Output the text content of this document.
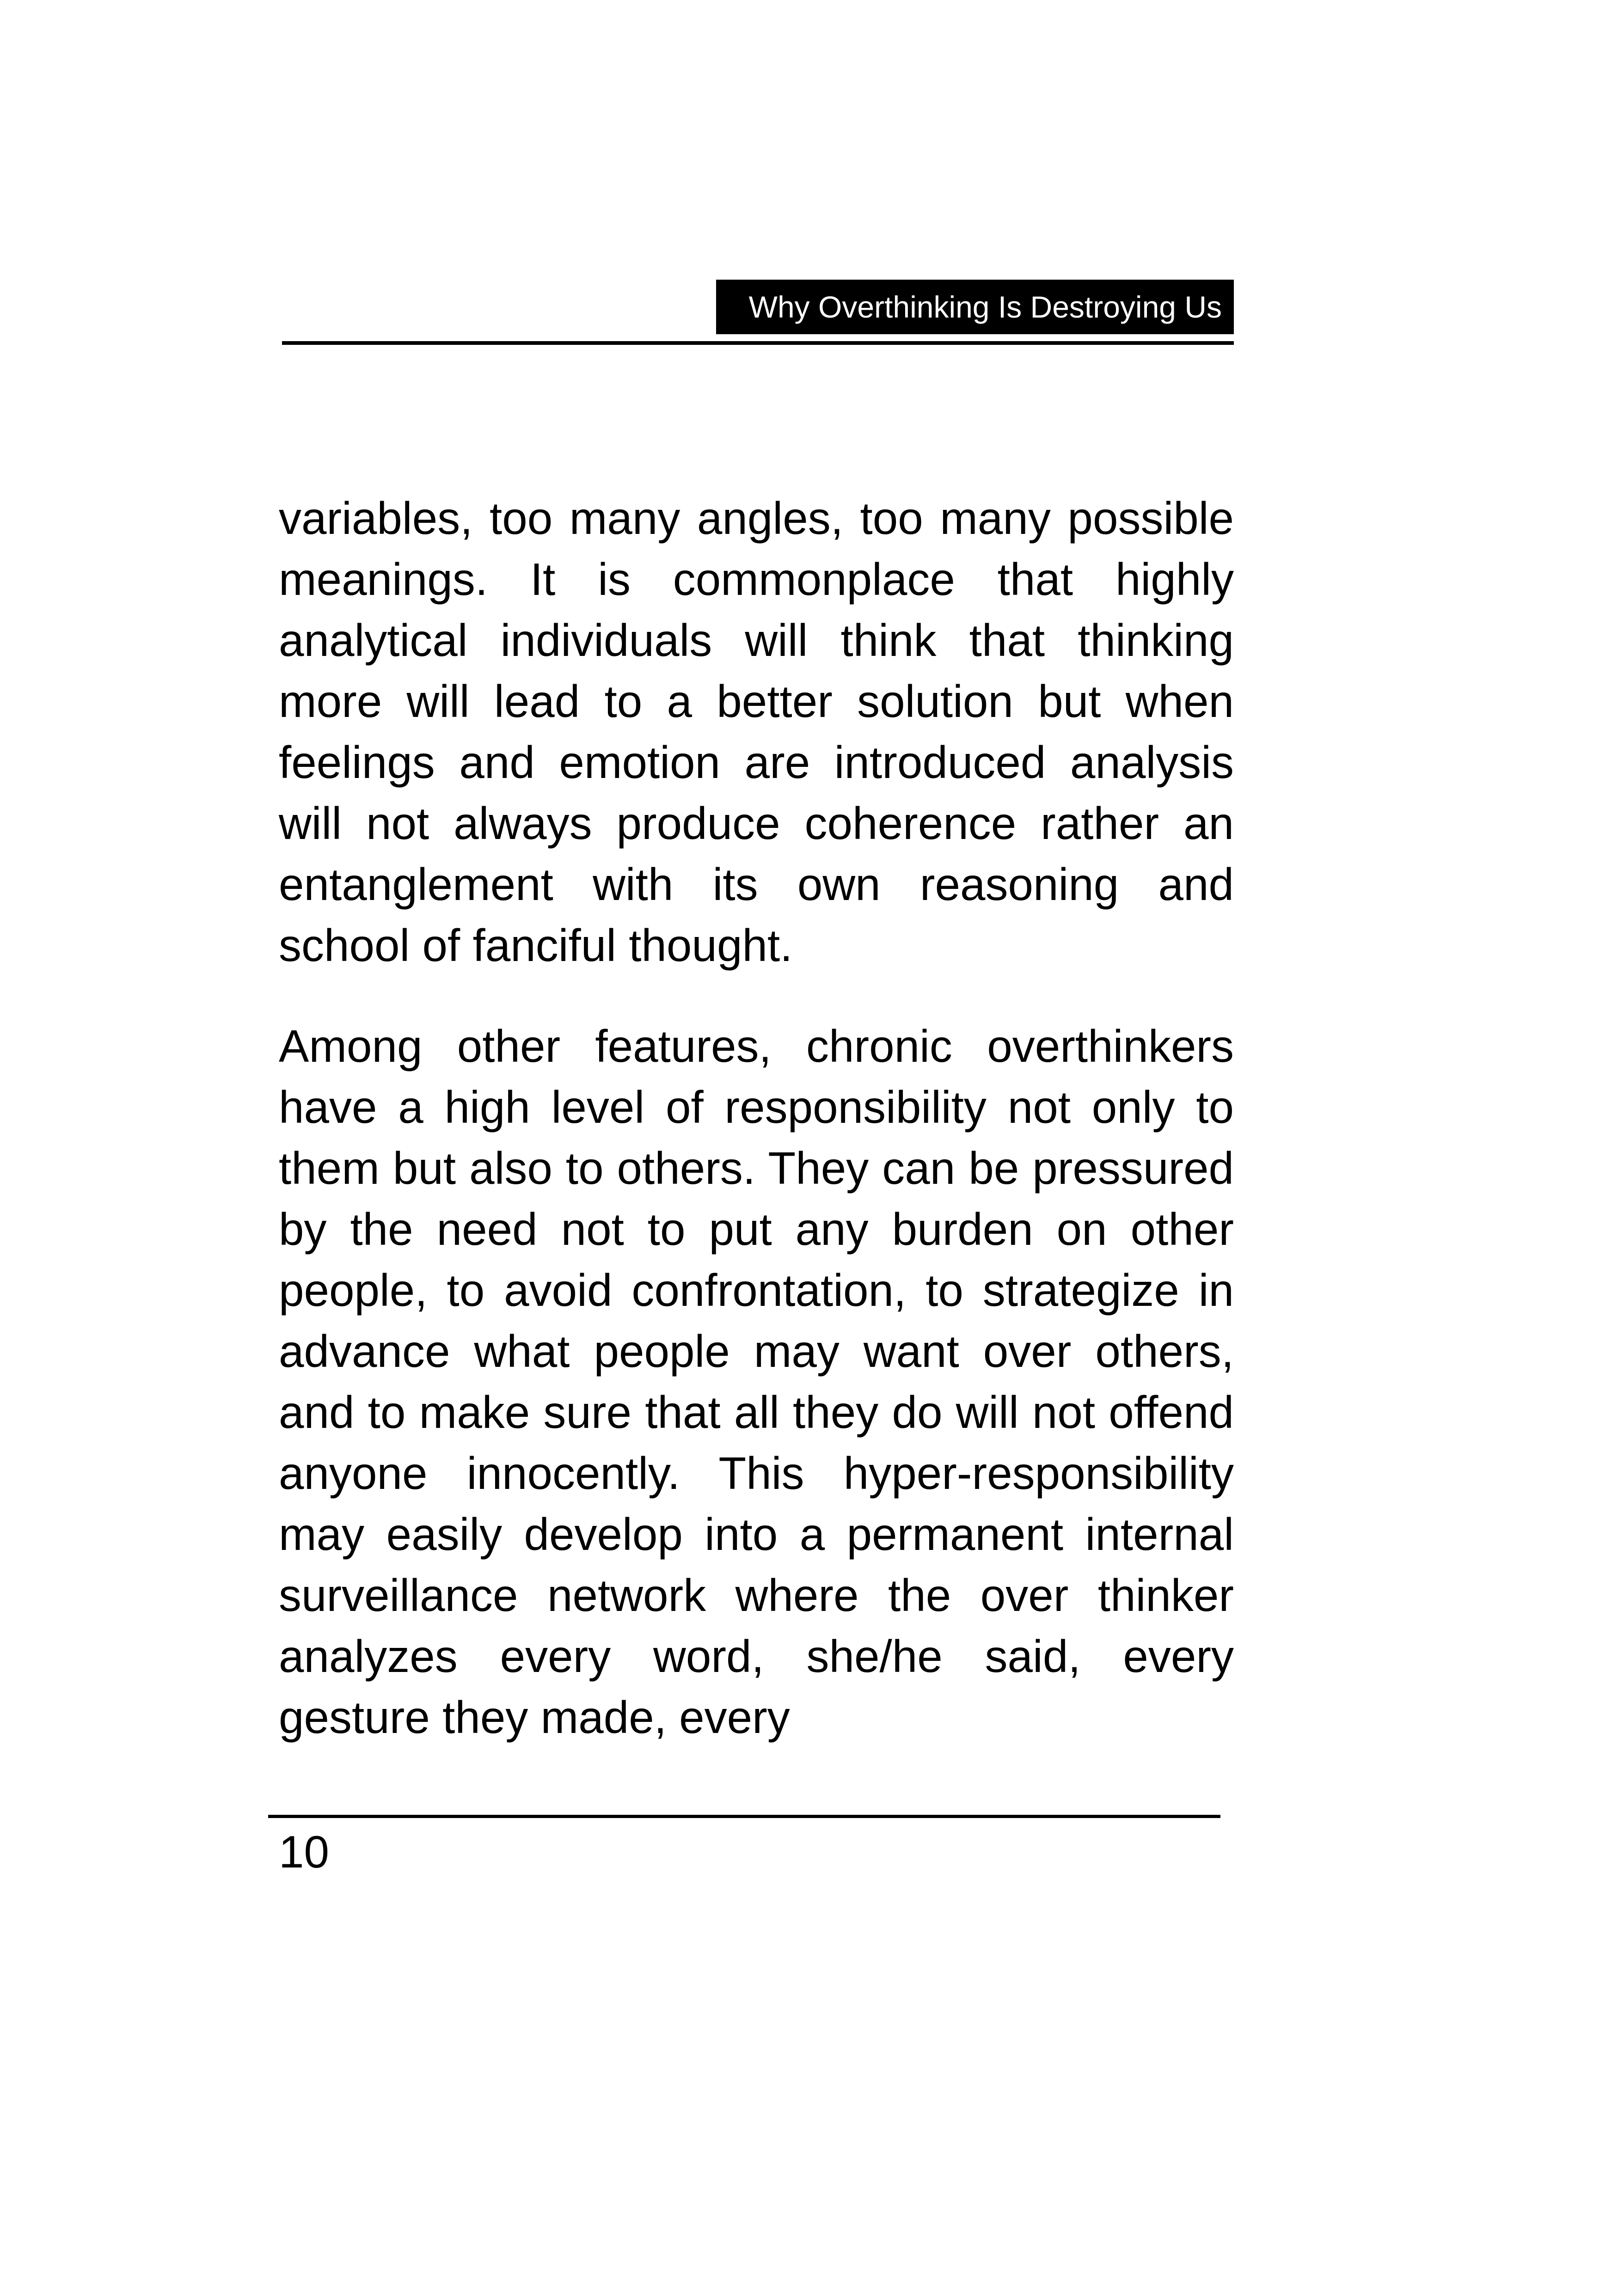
Why Overthinking Is Destroying Us

variables, too many angles, too many possible meanings. It is commonplace that highly analytical individuals will think that thinking more will lead to a better solution but when feelings and emotion are introduced analysis will not always produce coherence rather an entanglement with its own reasoning and school of fanciful thought.

Among other features, chronic overthinkers have a high level of responsibility not only to them but also to others. They can be pressured by the need not to put any burden on other people, to avoid confrontation, to strategize in advance what people may want over others, and to make sure that all they do will not offend anyone innocently. This hyper-responsibility may easily develop into a permanent internal surveillance network where the over thinker analyzes every word, she/he said, every gesture they made, every

10
